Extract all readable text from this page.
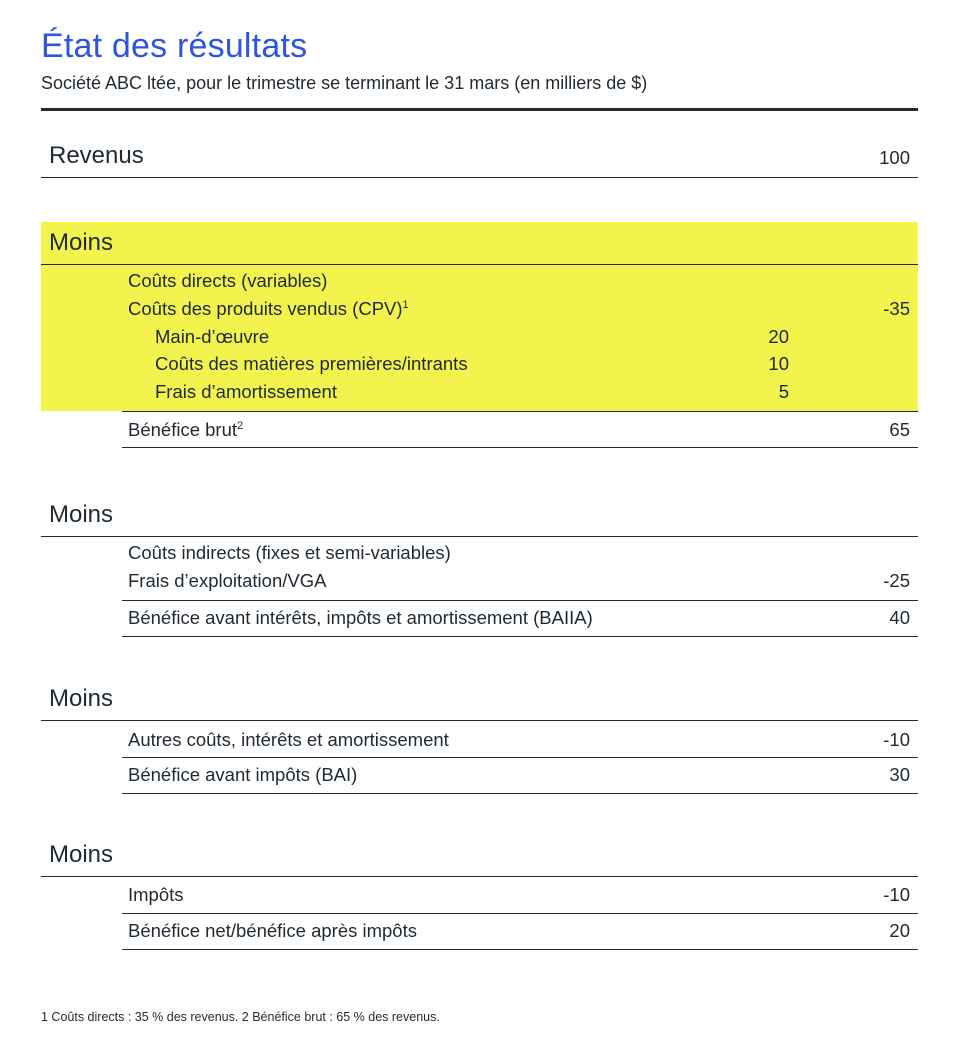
État des résultats
Société ABC ltée, pour le trimestre se terminant le 31 mars (en milliers de $)
Revenus	100
Moins
Coûts directs (variables)
Coûts des produits vendus (CPV)$^1$	-35
Main-d’œuvre	20
Coûts des matières premières/intrants	10
Frais d’amortissement	5
Bénéfice brut$^2$	65
Moins
Coûts indirects (fixes et semi-variables)
Frais d’exploitation/VGA	-25
Bénéfice avant intérêts, impôts et amortissement (BAIIA)	40
Moins
Autres coûts, intérêts et amortissement	-10
Bénéfice avant impôts (BAI)	30
Moins
Impôts	-10
Bénéfice net/bénéfice après impôts	20
1 Coûts directs : 35 % des revenus. 2 Bénéfice brut : 65 % des revenus.
